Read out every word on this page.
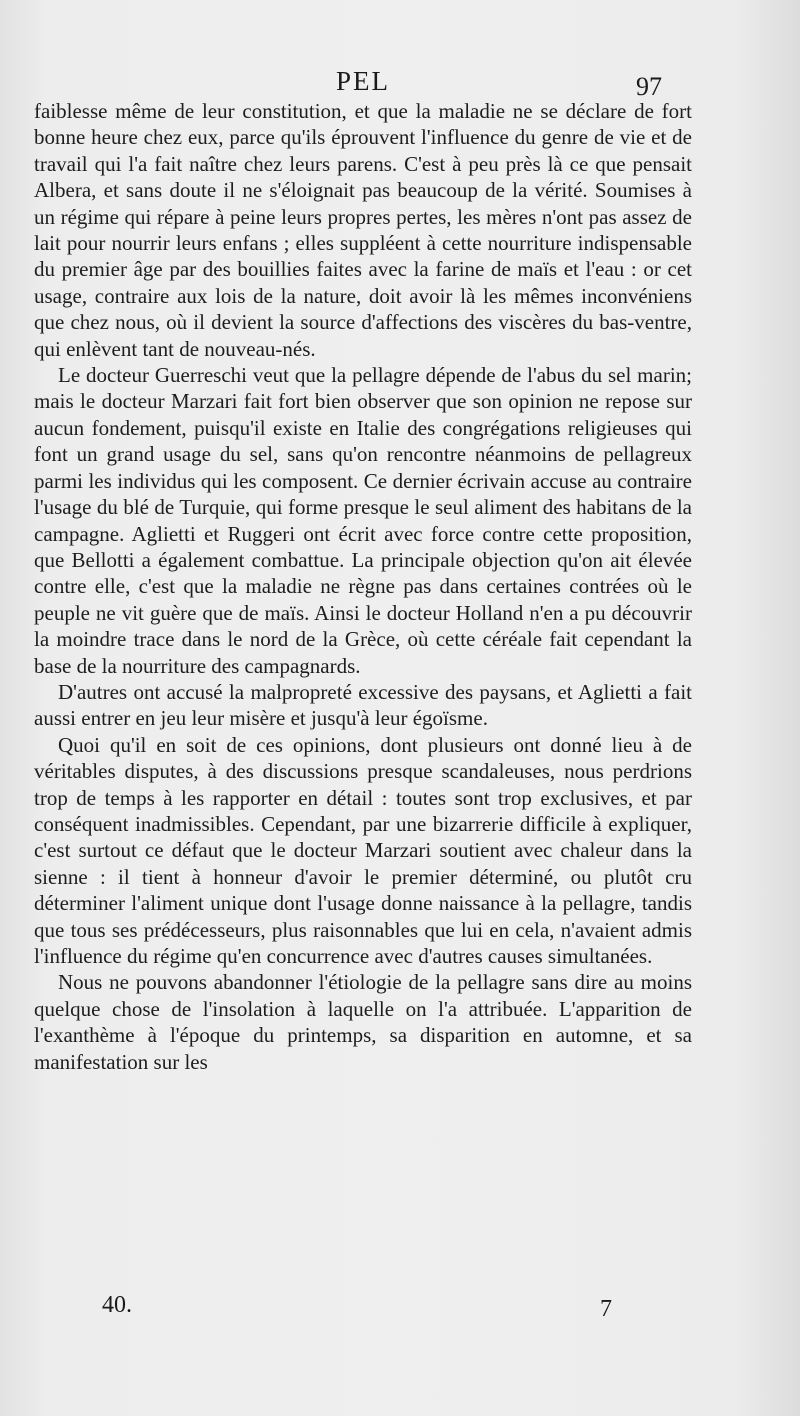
PEL	97

faiblesse même de leur constitution, et que la maladie ne se déclare de fort bonne heure chez eux, parce qu'ils éprouvent l'influence du genre de vie et de travail qui l'a fait naître chez leurs parens. C'est à peu près là ce que pensait Albera, et sans doute il ne s'éloignait pas beaucoup de la vérité. Soumises à un régime qui répare à peine leurs propres pertes, les mères n'ont pas assez de lait pour nourrir leurs enfans ; elles suppléent à cette nourriture indispensable du premier âge par des bouillies faites avec la farine de maïs et l'eau : or cet usage, contraire aux lois de la nature, doit avoir là les mêmes inconvéniens que chez nous, où il devient la source d'affections des viscères du bas-ventre, qui enlèvent tant de nouveau-nés.

Le docteur Guerreschi veut que la pellagre dépende de l'abus du sel marin; mais le docteur Marzari fait fort bien observer que son opinion ne repose sur aucun fondement, puisqu'il existe en Italie des congrégations religieuses qui font un grand usage du sel, sans qu'on rencontre néanmoins de pellagreux parmi les individus qui les composent. Ce dernier écrivain accuse au contraire l'usage du blé de Turquie, qui forme presque le seul aliment des habitans de la campagne. Aglietti et Ruggeri ont écrit avec force contre cette proposition, que Bellotti a également combattue. La principale objection qu'on ait élevée contre elle, c'est que la maladie ne règne pas dans certaines contrées où le peuple ne vit guère que de maïs. Ainsi le docteur Holland n'en a pu découvrir la moindre trace dans le nord de la Grèce, où cette céréale fait cependant la base de la nourriture des campagnards.

D'autres ont accusé la malpropreté excessive des paysans, et Aglietti a fait aussi entrer en jeu leur misère et jusqu'à leur égoïsme.

Quoi qu'il en soit de ces opinions, dont plusieurs ont donné lieu à de véritables disputes, à des discussions presque scandaleuses, nous perdrions trop de temps à les rapporter en détail : toutes sont trop exclusives, et par conséquent inadmissibles. Cependant, par une bizarrerie difficile à expliquer, c'est surtout ce défaut que le docteur Marzari soutient avec chaleur dans la sienne : il tient à honneur d'avoir le premier déterminé, ou plutôt cru déterminer l'aliment unique dont l'usage donne naissance à la pellagre, tandis que tous ses prédécesseurs, plus raisonnables que lui en cela, n'avaient admis l'influence du régime qu'en concurrence avec d'autres causes simultanées.

Nous ne pouvons abandonner l'étiologie de la pellagre sans dire au moins quelque chose de l'insolation à laquelle on l'a attribuée. L'apparition de l'exanthème à l'époque du printemps, sa disparition en automne, et sa manifestation sur les

40.	7
